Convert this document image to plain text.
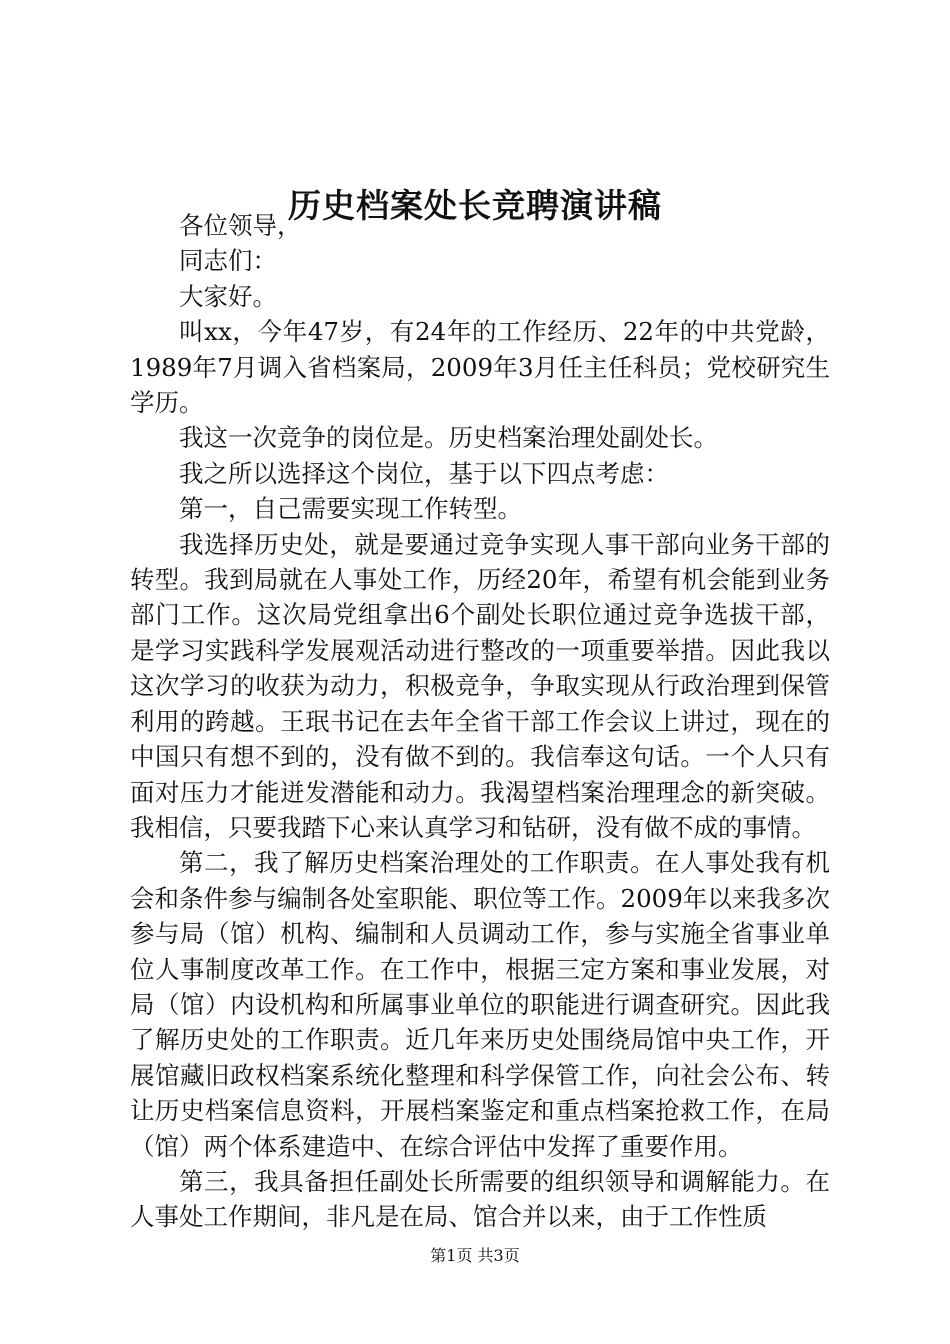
历史档案处长竞聘演讲稿

各位领导，

同志们：

大家好。

叫xx，今年47岁，有24年的工作经历、22年的中共党龄，1989年7月调入省档案局，2009年3月任主任科员；党校研究生学历。

我这一次竞争的岗位是。历史档案治理处副处长。

我之所以选择这个岗位，基于以下四点考虑：

第一，自己需要实现工作转型。

我选择历史处，就是要通过竞争实现人事干部向业务干部的转型。我到局就在人事处工作，历经20年，希望有机会能到业务部门工作。这次局党组拿出6个副处长职位通过竞争选拔干部，是学习实践科学发展观活动进行整改的一项重要举措。因此我以这次学习的收获为动力，积极竞争，争取实现从行政治理到保管利用的跨越。王珉书记在去年全省干部工作会议上讲过，现在的中国只有想不到的，没有做不到的。我信奉这句话。一个人只有面对压力才能迸发潜能和动力。我渴望档案治理理念的新突破。我相信，只要我踏下心来认真学习和钻研，没有做不成的事情。

第二，我了解历史档案治理处的工作职责。在人事处我有机会和条件参与编制各处室职能、职位等工作。2009年以来我多次参与局（馆）机构、编制和人员调动工作，参与实施全省事业单位人事制度改革工作。在工作中，根据三定方案和事业发展，对局（馆）内设机构和所属事业单位的职能进行调查研究。因此我了解历史处的工作职责。近几年来历史处围绕局馆中央工作，开展馆藏旧政权档案系统化整理和科学保管工作，向社会公布、转让历史档案信息资料，开展档案鉴定和重点档案抢救工作，在局（馆）两个体系建造中、在综合评估中发挥了重要作用。

第三，我具备担任副处长所需要的组织领导和调解能力。在人事处工作期间，非凡是在局、馆合并以来，由于工作性质

第1页 共3页
